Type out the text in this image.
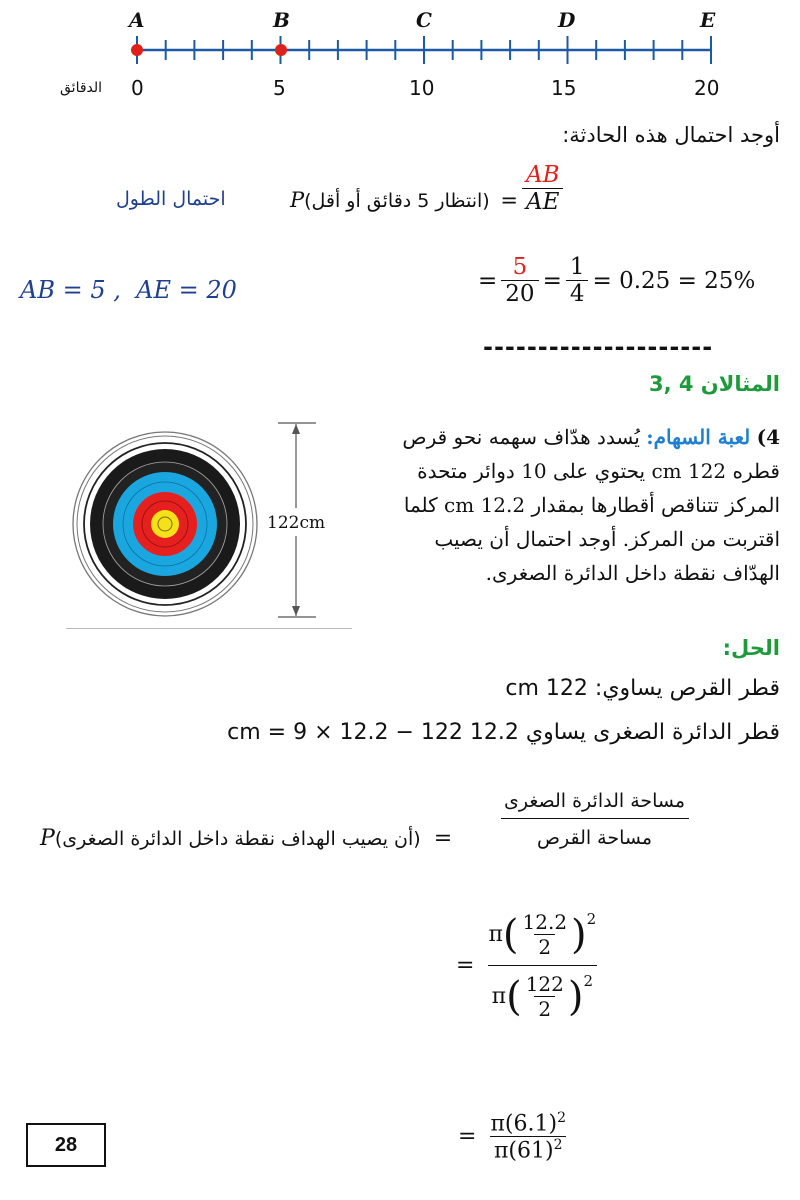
A	B	C	D	E
0	5	10	15	20
الدقائق
أوجد احتمال هذه الحادثة:
احتمال الطول	P(انتظار 5 دقائق أو أقل) = $\frac{AB}{AE}$
AB = 5 ,  AE = 20	= $\frac{5}{20} = \frac{1}{4} = 0.25 = 25\%$
---------------------
المثالان 4 ,3
122cm
4) لعبة السهام: يُسدد هدّاف سهمه نحو قرص
قطره 122 cm يحتوي على 10 دوائر متحدة
المركز تتناقص أقطارها بمقدار 12.2 cm كلما
اقتربت من المركز. أوجد احتمال أن يصيب
الهدّاف نقطة داخل الدائرة الصغرى.
الحل:
قطر القرص يساوي: 122 cm
قطر الدائرة الصغرى يساوي 12.2 cm = 9 × 12.2 − 122
P(أن يصيب الهداف نقطة داخل الدائرة الصغرى) =
مساحة الدائرة الصغرى
مساحة القرص
= $\frac{\pi ( \frac{12.2}{2} )^2}{\pi ( \frac{122}{2} )^2}$
= $\frac{\pi(6.1)^2}{\pi(61)^2}$
28
